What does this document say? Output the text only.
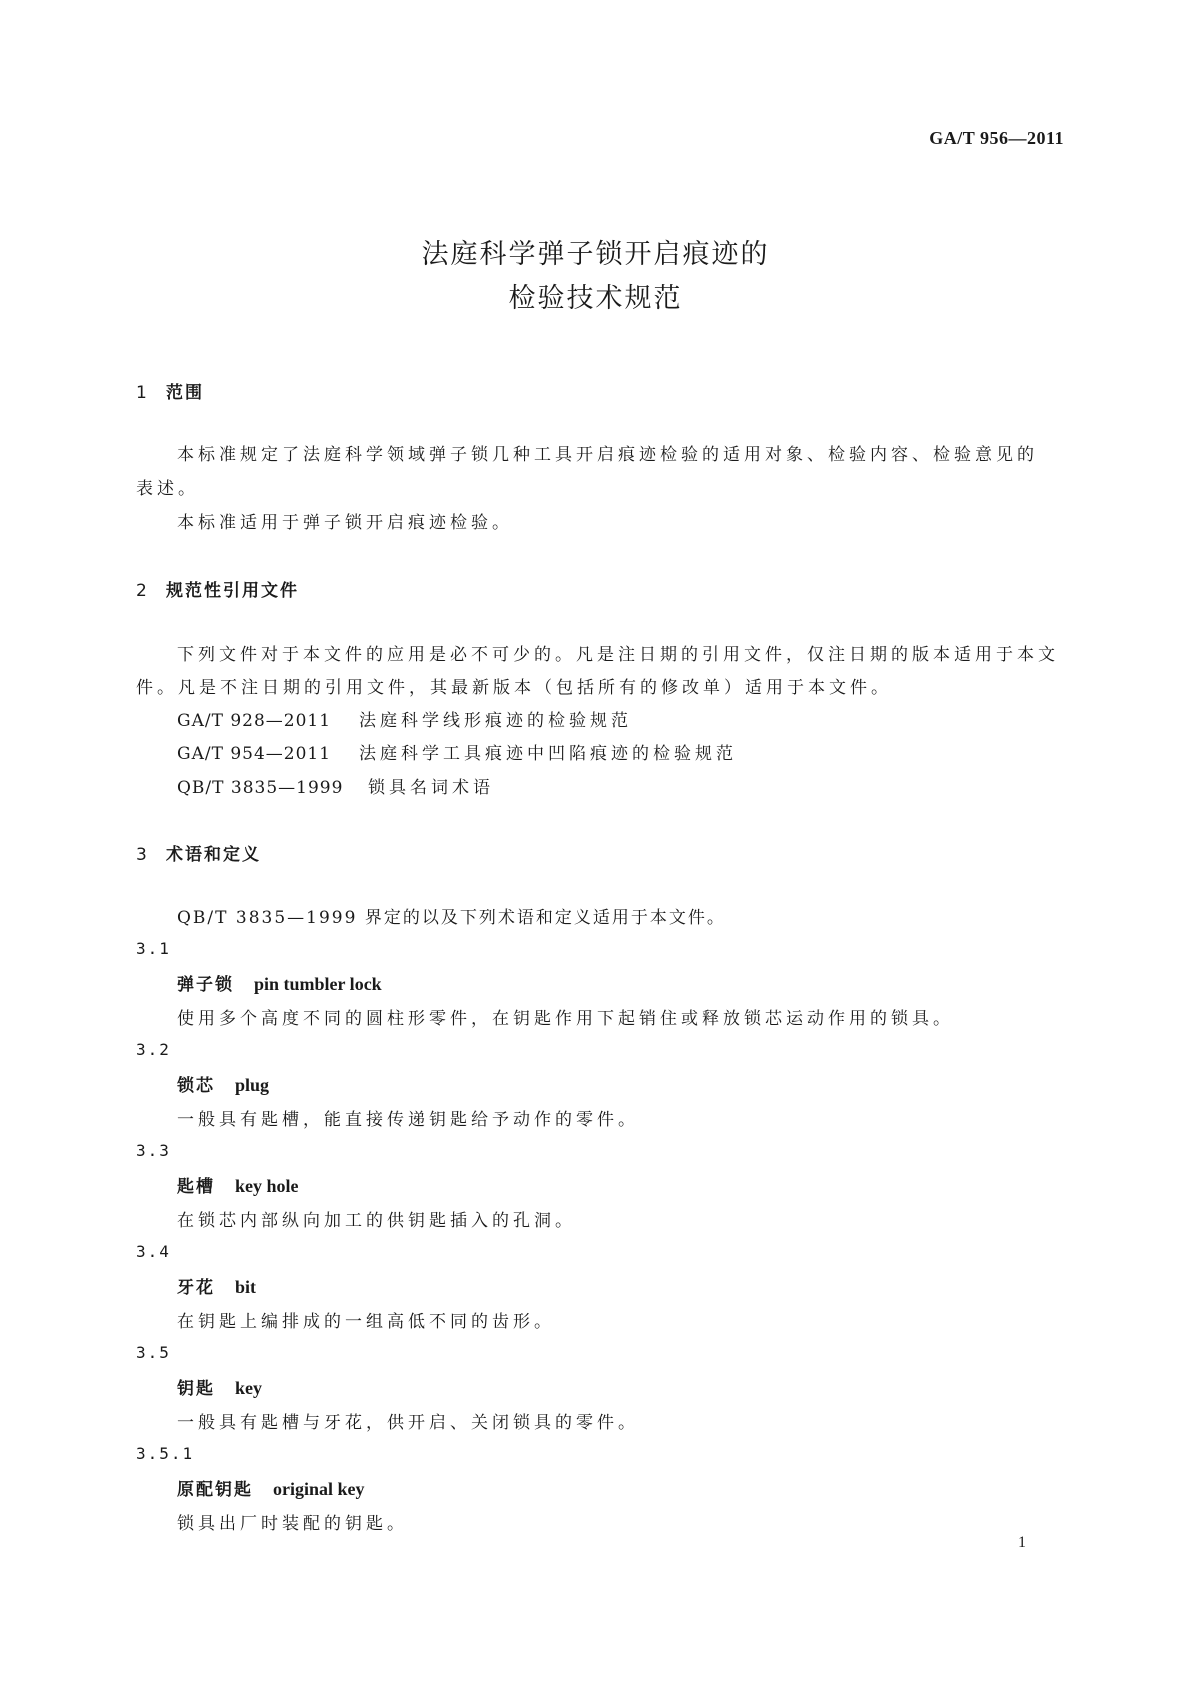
GA/T 956—2011
法庭科学弹子锁开启痕迹的
检验技术规范
1 范围
本标准规定了法庭科学领域弹子锁几种工具开启痕迹检验的适用对象、检验内容、检验意见的
表述。
本标准适用于弹子锁开启痕迹检验。
2 规范性引用文件
下列文件对于本文件的应用是必不可少的。凡是注日期的引用文件，仅注日期的版本适用于本文
件。凡是不注日期的引用文件，其最新版本（包括所有的修改单）适用于本文件。
GA/T 928—2011 法庭科学线形痕迹的检验规范
GA/T 954—2011 法庭科学工具痕迹中凹陷痕迹的检验规范
QB/T 3835—1999 锁具名词术语
3 术语和定义
QB/T 3835—1999 界定的以及下列术语和定义适用于本文件。
3.1
弹子锁 pin tumbler lock
使用多个高度不同的圆柱形零件，在钥匙作用下起销住或释放锁芯运动作用的锁具。
3.2
锁芯 plug
一般具有匙槽，能直接传递钥匙给予动作的零件。
3.3
匙槽 key hole
在锁芯内部纵向加工的供钥匙插入的孔洞。
3.4
牙花 bit
在钥匙上编排成的一组高低不同的齿形。
3.5
钥匙 key
一般具有匙槽与牙花，供开启、关闭锁具的零件。
3.5.1
原配钥匙 original key
锁具出厂时装配的钥匙。
1
